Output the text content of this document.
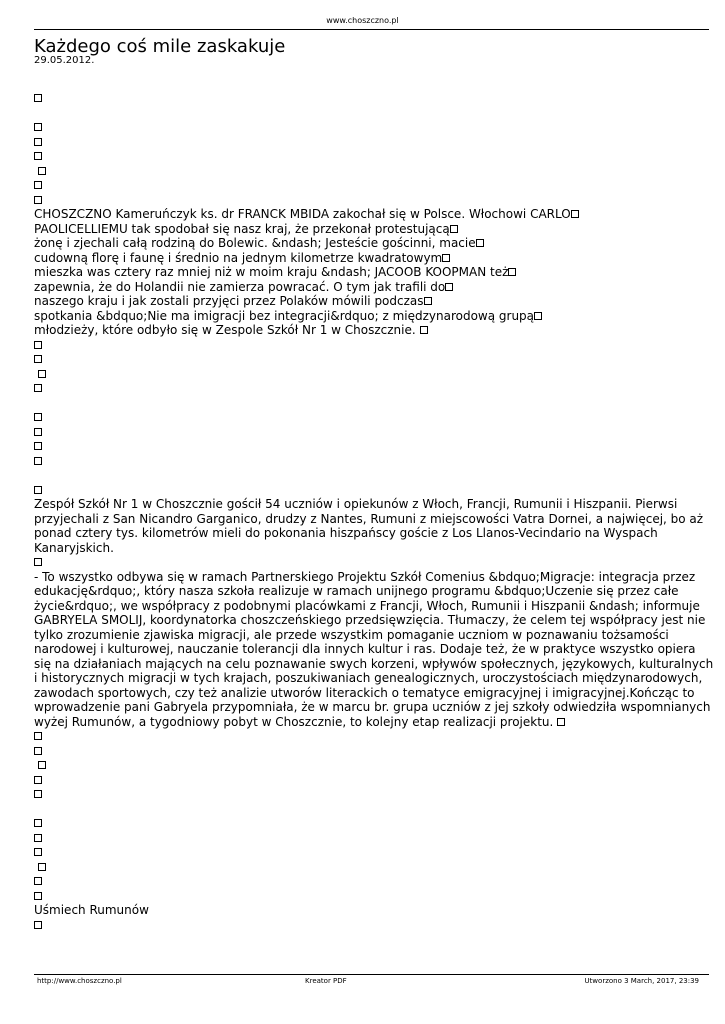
www.choszczno.pl
Każdego coś mile zaskakuje
29.05.2012.
CHOSZCZNO Kameruńczyk ks. dr FRANCK MBIDA zakochał się w Polsce. Włochowi CARLO
PAOLICELLIEMU tak spodobał się nasz kraj, że przekonał protestującą
żonę i zjechali całą rodziną do Bolewic. &ndash; Jesteście gościnni, macie
cudowną florę i faunę i średnio na jednym kilometrze kwadratowym
mieszka was cztery raz mniej niż w moim kraju &ndash; JACOOB KOOPMAN też
zapewnia, że do Holandii nie zamierza powracać. O tym jak trafili do
naszego kraju i jak zostali przyjęci przez Polaków mówili podczas
spotkania &bdquo;Nie ma imigracji bez integracji&rdquo; z międzynarodową grupą
młodzieży, które odbyło się w Zespole Szkół Nr 1 w Choszcznie.
Zespół Szkół Nr 1 w Choszcznie gościł 54 uczniów i opiekunów z Włoch, Francji, Rumunii i Hiszpanii. Pierwsi przyjechali z San Nicandro Garganico, drudzy z Nantes, Rumuni z miejscowości Vatra Dornei, a najwięcej, bo aż ponad cztery tys. kilometrów mieli do pokonania hiszpańscy goście z Los Llanos-Vecindario na Wyspach Kanaryjskich.
- To wszystko odbywa się w ramach Partnerskiego Projektu Szkół Comenius &bdquo;Migracje: integracja przez edukację&rdquo;, który nasza szkoła realizuje w ramach unijnego programu &bdquo;Uczenie się przez całe życie&rdquo;, we współpracy z podobnymi placówkami z Francji, Włoch, Rumunii i Hiszpanii &ndash; informuje GABRYELA SMOLIJ, koordynatorka choszczeńskiego przedsięwzięcia. Tłumaczy, że celem tej współpracy jest nie tylko zrozumienie zjawiska migracji, ale przede wszystkim pomaganie uczniom w poznawaniu tożsamości narodowej i kulturowej, nauczanie tolerancji dla innych kultur i ras. Dodaje też, że w praktyce wszystko opiera się na działaniach mających na celu poznawanie swych korzeni, wpływów społecznych, językowych, kulturalnych i historycznych migracji w tych krajach, poszukiwaniach genealogicznych, uroczystościach międzynarodowych, zawodach sportowych, czy też analizie utworów literackich o tematyce emigracyjnej i imigracyjnej.Kończąc to wprowadzenie pani Gabryela przypomniała, że w marcu br. grupa uczniów z jej szkoły odwiedziła wspomnianych wyżej Rumunów, a tygodniowy pobyt w Choszcznie, to kolejny etap realizacji projektu.
Uśmiech Rumunów
http://www.choszczno.pl	Kreator PDF	Utworzono 3 March, 2017, 23:39
